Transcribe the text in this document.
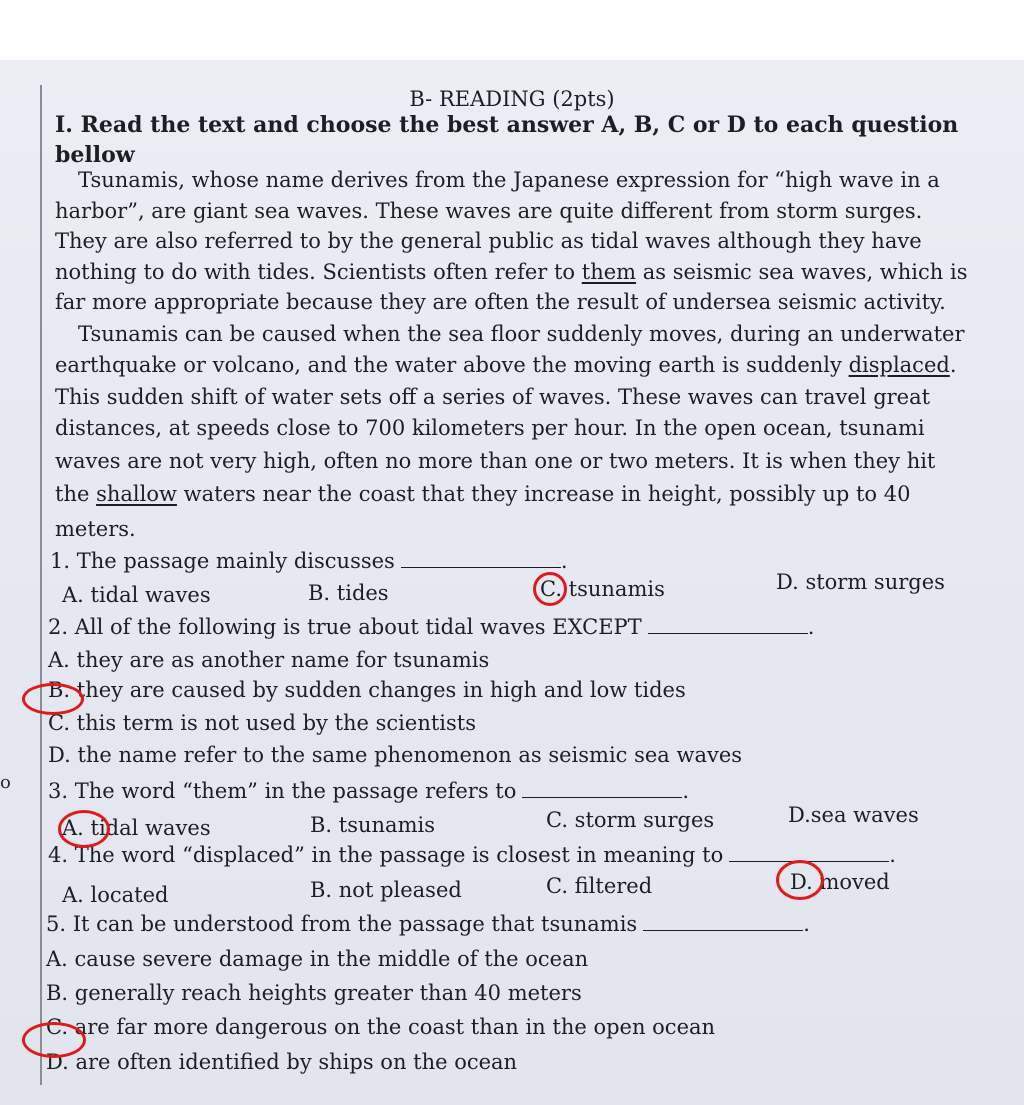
o
B- READING (2pts)
I. Read the text and choose the best answer A, B, C or D to each question
bellow
Tsunamis, whose name derives from the Japanese expression for “high wave in a
harbor”, are giant sea waves. These waves are quite different from storm surges.
They are also referred to by the general public as tidal waves although they have
nothing to do with tides. Scientists often refer to them as seismic sea waves, which is
far more appropriate because they are often the result of undersea seismic activity.
Tsunamis can be caused when the sea floor suddenly moves, during an underwater
earthquake or volcano, and the water above the moving earth is suddenly displaced.
This sudden shift of water sets off a series of waves. These waves can travel great
distances, at speeds close to 700 kilometers per hour. In the open ocean, tsunami
waves are not very high, often no more than one or two meters. It is when they hit
the shallow waters near the coast that they increase in height, possibly up to 40
meters.
1. The passage mainly discusses	.
A. tidal waves	B. tides	C. tsunamis	D. storm surges
2. All of the following is true about tidal waves EXCEPT	.
A. they are as another name for tsunamis
B. they are caused by sudden changes in high and low tides
C. this term is not used by the scientists
D. the name refer to the same phenomenon as seismic sea waves
3. The word “them” in the passage refers to	.
A. tidal waves	B. tsunamis	C. storm surges	D.sea waves
4. The word “displaced” in the passage is closest in meaning to	.
A. located	B. not pleased	C. filtered	D. moved
5. It can be understood from the passage that tsunamis	.
A. cause severe damage in the middle of the ocean
B. generally reach heights greater than 40 meters
C. are far more dangerous on the coast than in the open ocean
D. are often identified by ships on the ocean
